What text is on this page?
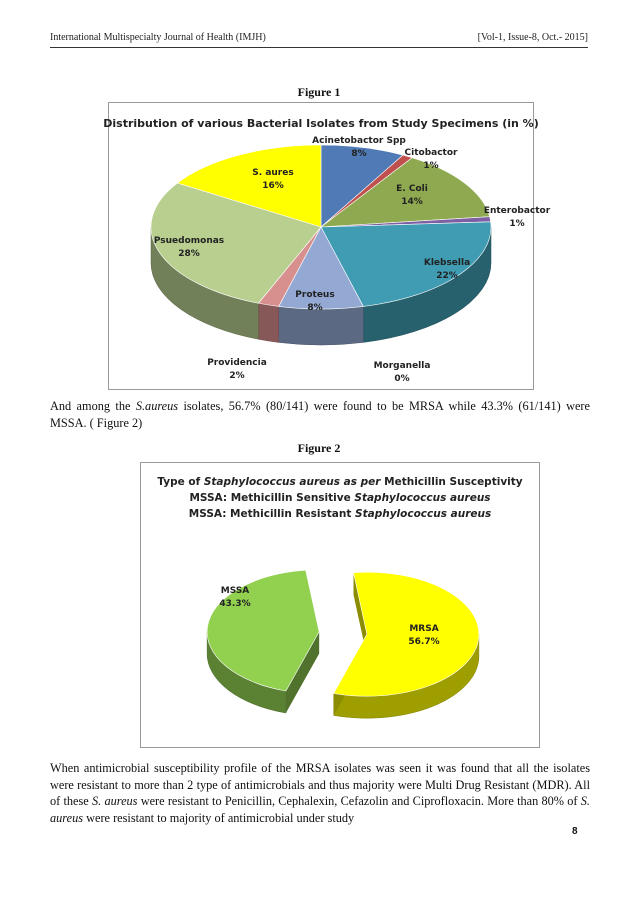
International Multispecialty Journal of Health (IMJH)	[Vol-1, Issue-8, Oct.- 2015]
Figure 1
Distribution of various Bacterial Isolates from Study Specimens (in %)
Acinetobactor Spp
8%	Citobactor
1%
E. Coli
14%
Enterobactor
1%
Klebsella
22%
Morganella
0%
Proteus
8%
Providencia
2%
Psuedomonas
28%
S. aures
16%
And among the S.aureus isolates, 56.7% (80/141) were found to be MRSA while 43.3% (61/141) were MSSA. ( Figure 2)
Figure 2
Type of Staphylococcus aureus as per Methicillin Susceptivity
MSSA: Methicillin Sensitive Staphylococcus aureus
MSSA: Methicillin Resistant Staphylococcus aureus
MRSA
56.7%
MSSA
43.3%
When antimicrobial susceptibility profile of the MRSA isolates was seen it was found that all the isolates were resistant to more than 2 type of antimicrobials and thus majority were Multi Drug Resistant (MDR). All of these S. aureus were resistant to Penicillin, Cephalexin, Cefazolin and Ciprofloxacin. More than 80% of S. aureus were resistant to majority of antimicrobial under study
8
